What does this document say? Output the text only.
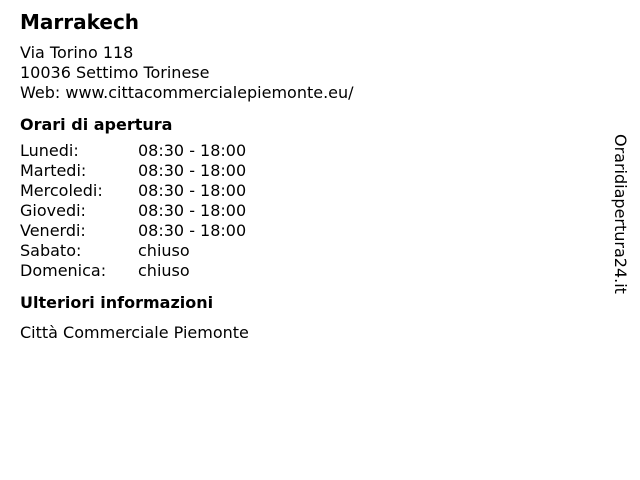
Marrakech
Via Torino 118
10036 Settimo Torinese
Web: www.cittacommercialepiemonte.eu/
Orari di apertura
Lunedi:	08:30 - 18:00
Martedi:	08:30 - 18:00
Mercoledi:	08:30 - 18:00
Giovedi:	08:30 - 18:00
Venerdi:	08:30 - 18:00
Sabato:	chiuso
Domenica:	chiuso
Ulteriori informazioni
Città Commerciale Piemonte
Oraridiapertura24.it
